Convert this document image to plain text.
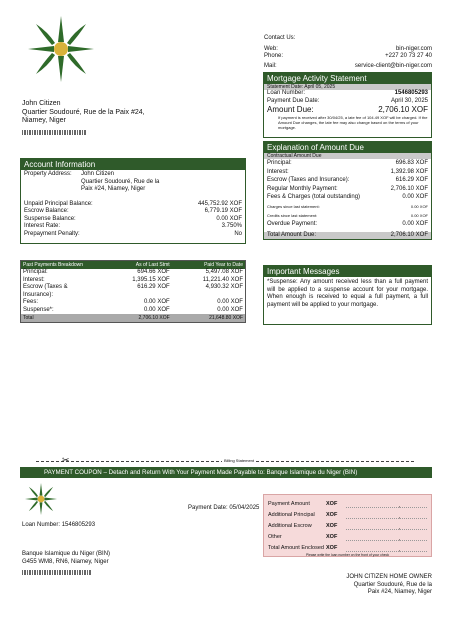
Contact Us:
Web:	bin-niger.com
Phone:	+227 20 73 27 40
Mail:	service-client@bin-niger.com
John Citizen
Quartier Soudouré, Rue de la Paix #24,
Niamey, Niger
Mortgage Activity Statement
Statement Date: April 05, 2025
Loan Number:	1546805293
Payment Due Date:	April 30, 2025
Amount Due:	2,706.10 XOF
If payment is received after 30/04/25, a late fee of 104.49 XOF will be charged. If the Amount Due changes, the late fee may also change based on the terms of your mortgage.
Explanation of Amount Due
Contractual Amount Due
Principal:	696.83 XOF
Interest:	1,392.98 XOF
Escrow (Taxes and Insurance):	616.29 XOF
Regular Monthly Payment:	2,706.10 XOF
Fees & Charges (total outstanding)	0.00 XOF
Charges since last statement:	0.00 XOF
Credits since last statement:	0.00 XOF
Overdue Payment:	0.00 XOF
Total Amount Due:	2,706.10 XOF
Account Information
Property Address:	John Citizen
Quartier Soudouré, Rue de la
Paix #24, Niamey, Niger
Unpaid Principal Balance:	445,752.92 XOF
Escrow Balance:	6,779.19 XOF
Suspense Balance:	0.00 XOF
Interest Rate:	3.750%
Prepayment Penalty:	No
Past Payments Breakdown	As of Last Stmt	Paid Year to Date
Principal:	694.66 XOF	5,497.08 XOF
Interest:	1,395.15 XOF	11,221.40 XOF
Escrow (Taxes & Insurance):
616.29 XOF	4,930.32 XOF
Fees:	0.00 XOF	0.00 XOF
Suspense*:	0.00 XOF	0.00 XOF
Total	2,706.10 XOF	21,648.80 XOF
Important Messages
*Suspense: Any amount received less than a full payment will be applied to a suspense account for your mortgage. When enough is received to equal a full payment, a full payment will be applied to your mortgage.
✂	Billing Statement
PAYMENT COUPON – Detach and Return With Your Payment Made Payable to: Banque Islamique du Niger (BIN)
Loan Number: 1546805293
Payment Date: 05/04/2025
Banque Islamique du Niger (BIN)
G455 WM8, RN6, Niamey, Niger
Payment Amount	XOF	,
Additional Principal	XOF	,
Additional Escrow	XOF	,
Other	XOF	,
Total Amount Enclosed XOF	,
Please write the loan number on the front of your check
JOHN CITIZEN HOME OWNER
Quartier Soudouré, Rue de la
Paix #24, Niamey, Niger
